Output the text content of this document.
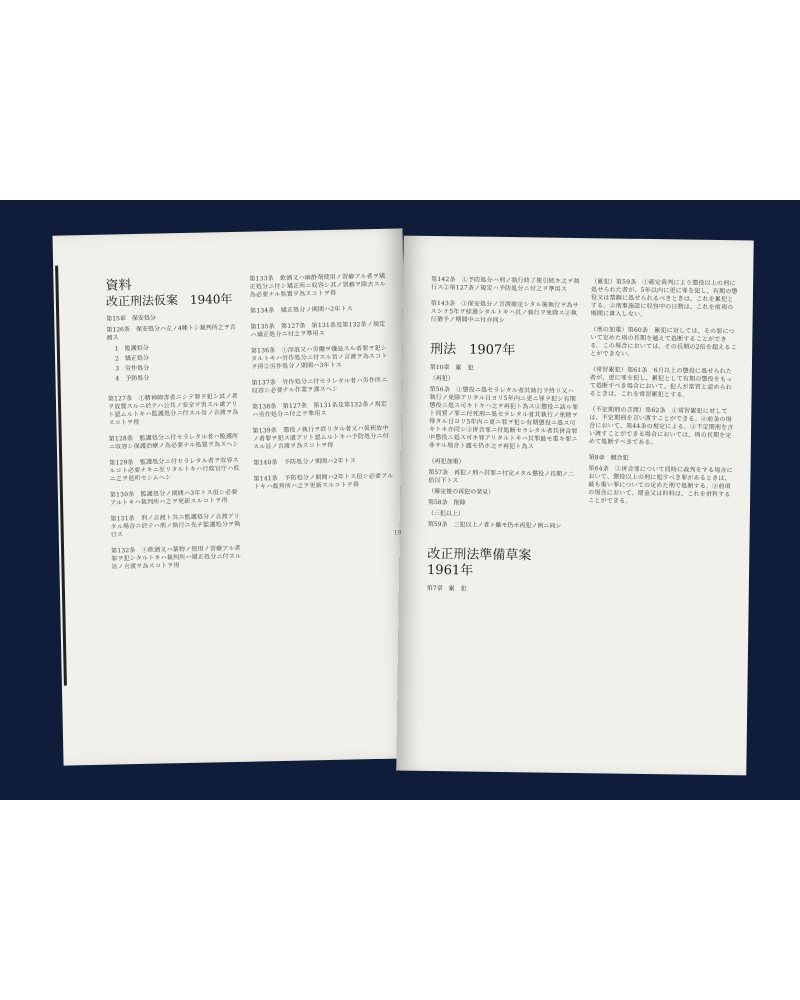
資料

改正刑法仮案　1940年

第15章　保安処分

第126条　保安処分ハ左ノ4種トシ裁判所之ヲ言渡ス

1　監護処分

2　矯正処分

3　労作処分

4　予防処分

第127条　①精神障害者ニシテ罪ヲ犯シ其ノ者ヲ放置スルニ於テハ公共ノ安全ヲ害スル虞アリト認ムルトキハ監護処分ニ付スル旨ノ言渡ヲ為スコトヲ得

第128条　監護処分ニ付セラレタル者ハ監護所ニ収容シ保護治療ノ為必要ナル処置ヲ為スヘシ

第129条　監護処分ニ付セラレタル者ヲ収容スルコト必要ナキニ至リタルトキハ行政官庁ハ仮ニ之ヲ退所セシムヘシ

第130条　監護処分ノ期間ハ3年トス但シ必要アルトキハ裁判所ハ之ヲ更新スルコトヲ得

第131条　刑ノ言渡ト共ニ監護処分ノ言渡アリタル場合ニ於テハ刑ノ執行ニ先チ監護処分ヲ執行ス

第132条　①飲酒又ハ薬物ノ使用ノ習癖アル者罪ヲ犯シタルトキハ裁判所ハ矯正処分ニ付スル旨ノ言渡ヲ為スコトヲ得

第133条　飲酒又ハ麻酔剤使用ノ習癖アル者ヲ矯正処分ニ付シ矯正所ニ収容シ其ノ習癖ヲ除去スル為必要ナル処置ヲ為スコトヲ得

第134条　矯正処分ノ期間ハ2年トス

第135条　第127条　第131条及第132条ノ規定ハ矯正処分ニ付之ヲ準用ス

第136条　①浮浪又ハ労働ヲ嫌忌スル者罪ヲ犯シタルトキハ労作処分ニ付スル旨ノ言渡ヲ為スコトヲ得②労作処分ノ期間ハ3年トス

第137条　労作処分ニ付セラレタル者ハ労作所ニ収容シ必要ナル作業ヲ課スヘシ

第138条　第127条　第131条及第132条ノ規定ハ労作処分ニ付之ヲ準用ス

第139条　懲役ノ執行ヲ終リタル者又ハ仮釈放中ノ者罪ヲ犯ス虞アリト認ムルトキハ予防処分ニ付スル旨ノ言渡ヲ為スコトヲ得

第140条　予防処分ノ期間ハ2年トス

第141条　予防処分ノ期間ハ2年トス但シ必要アルトキハ裁判所ハ之ヲ更新スルコトヲ得

19

第142条　①予防処分ハ刑ノ執行終了後引続キ之ヲ執行ス②第127条ノ規定ハ予防処分ニ付之ヲ準用ス

第143条　①保安処分ノ言渡確定シタル後執行ヲ為サスシテ5年ヲ経過シタルトキハ其ノ執行ヲ免除ス②執行猶予ノ期間中ニ付亦同シ

刑法　1907年

第10章　累　犯

（再犯）

第56条　①懲役ニ処セラレタル者其執行ヲ終リ又ハ執行ノ免除アリタル日ヨリ5年内ニ更ニ罪ヲ犯シ有期懲役ニ処ス可キトキハ之ヲ再犯ト為ス②懲役ニ該ル罪ト同質ノ罪ニ付死刑ニ処セラレタル者其執行ノ免除ヲ得タル日ヨリ5年内ニ更ニ罪ヲ犯シ有期懲役ニ処ス可キトキ亦同シ③併合罪ニ付処断セラレタル者其併合罪中懲役ニ処ス可キ罪アリタルトキハ其罪最モ重キ罪ニ非サル場合ト雖モ仍ホ之ヲ再犯ト為ス

（再犯加重）

第57条　再犯ノ刑ハ其罪ニ付定メタル懲役ノ長期ノ二倍以下トス

（確定後の再犯の発見）

第58条　削除

（三犯以上）

第59条　三犯以上ノ者ト雖モ仍ホ再犯ノ例ニ同シ

改正刑法準備草案　1961年

第7章　累　犯

（累犯）第59条　①確定裁判により懲役以上の刑に処せられた者が、5年以内に更に罪を犯し、有期の懲役又は禁錮に処せられるべきときは、これを累犯とする。②刑事施設に収容中の日数は、これを前項の期間に算入しない。

（刑の加重）第60条　累犯に対しては、その罪について定めた刑の長期を越えて処断することができる。この場合においては、その長期の2倍を超えることができない。

（常習累犯）第61条　6月以上の懲役に処せられた者が、更に罪を犯し、累犯として有期の懲役をもって処断すべき場合において、犯人が常習と認められるときは、これを常習累犯とする。

（不定期刑の言渡）第62条　①常習累犯に対しては、不定期刑を言い渡すことができる。②前条の場合において、第44条の規定による。③不定期刑を言い渡すことができる場合においては、刑の長期を定めて処断すべきである。

第8章　競合犯

第64条　①併合罪について同時に裁判をする場合において、懲役以上の刑に処すべき罪があるときは、最も重い罪についての定めた刑で処断する。②前項の場合において、罰金又は科料は、これを併科することができる。
